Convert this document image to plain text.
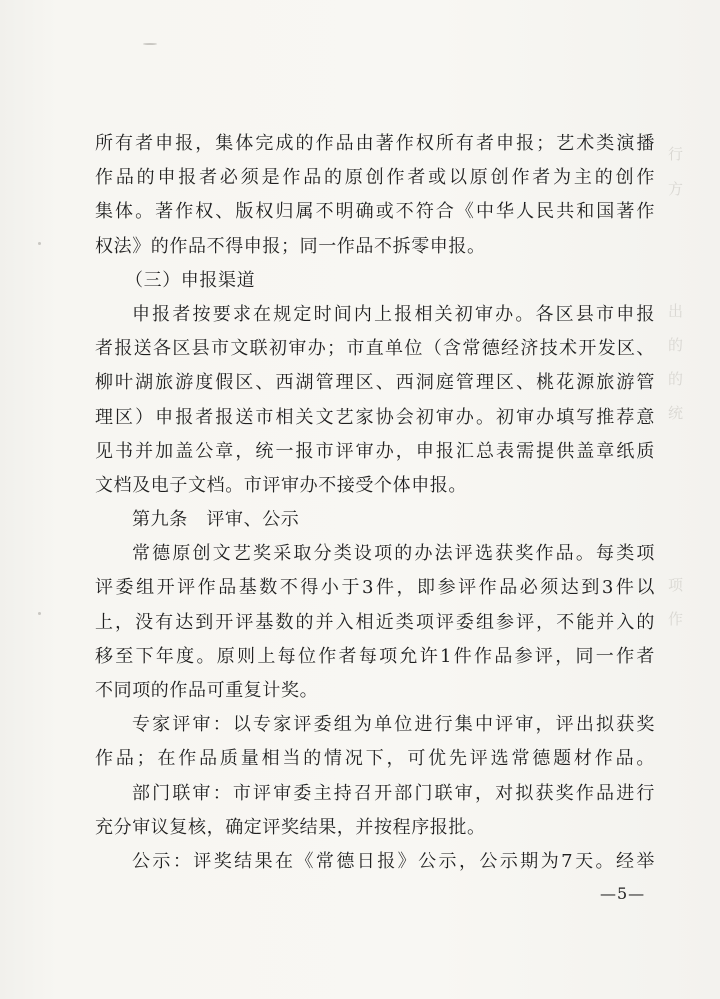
行
方
出
的
的
统
项
作
所有者申报，集体完成的作品由著作权所有者申报；艺术类演播
作品的申报者必须是作品的原创作者或以原创作者为主的创作
集体。著作权、版权归属不明确或不符合《中华人民共和国著作
权法》的作品不得申报；同一作品不拆零申报。
（三）申报渠道
申报者按要求在规定时间内上报相关初审办。各区县市申报
者报送各区县市文联初审办；市直单位（含常德经济技术开发区、
柳叶湖旅游度假区、西湖管理区、西洞庭管理区、桃花源旅游管
理区）申报者报送市相关文艺家协会初审办。初审办填写推荐意
见书并加盖公章，统一报市评审办，申报汇总表需提供盖章纸质
文档及电子文档。市评审办不接受个体申报。
第九条　评审、公示
常德原创文艺奖采取分类设项的办法评选获奖作品。每类项
评委组开评作品基数不得小于3件，即参评作品必须达到3件以
上，没有达到开评基数的并入相近类项评委组参评，不能并入的
移至下年度。原则上每位作者每项允许1件作品参评，同一作者
不同项的作品可重复计奖。
专家评审：以专家评委组为单位进行集中评审，评出拟获奖
作品；在作品质量相当的情况下，可优先评选常德题材作品。
部门联审：市评审委主持召开部门联审，对拟获奖作品进行
充分审议复核，确定评奖结果，并按程序报批。
公示：评奖结果在《常德日报》公示，公示期为7天。经举
—5—
